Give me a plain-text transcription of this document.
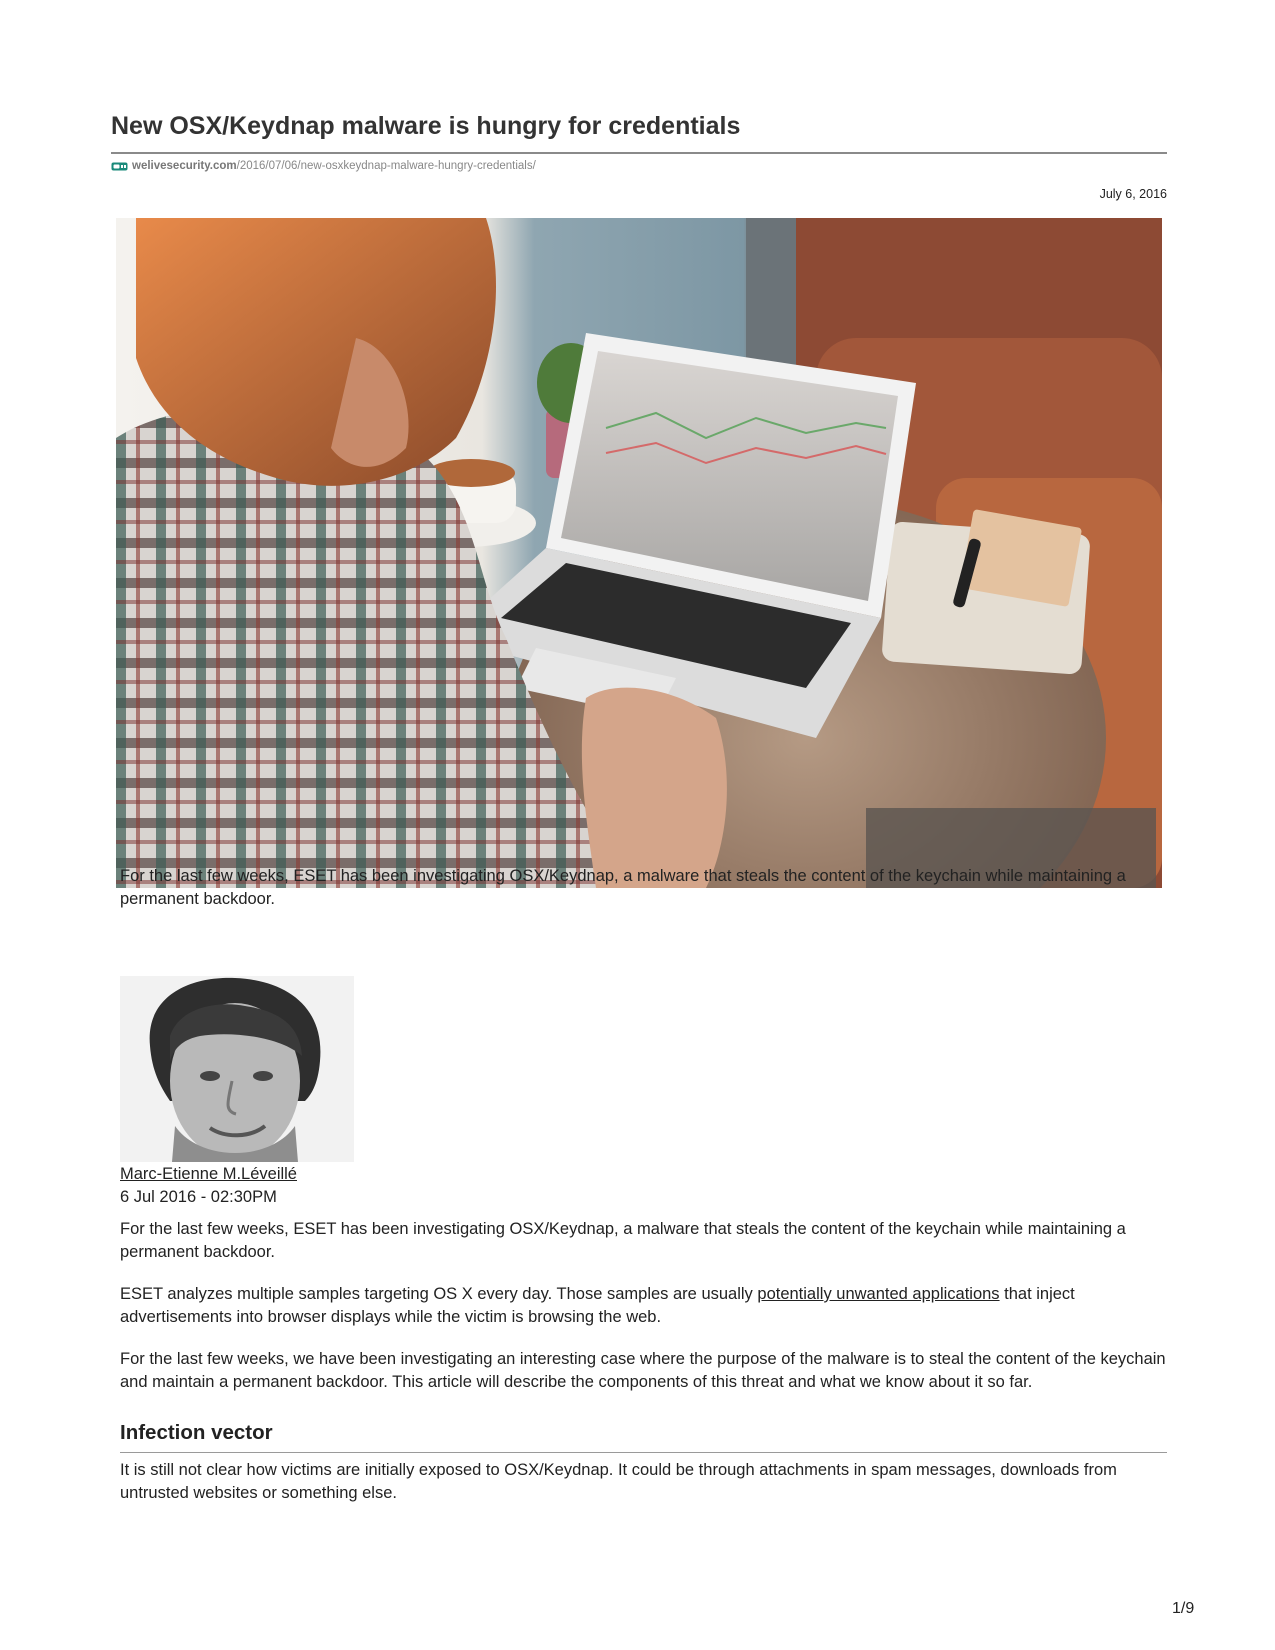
New OSX/Keydnap malware is hungry for credentials
welivesecurity.com /2016/07/06/new-osxkeydnap-malware-hungry-credentials/
July 6, 2016

For the last few weeks, ESET has been investigating OSX/Keydnap, a malware that steals the content of the keychain while maintaining a permanent backdoor.

Marc-Etienne M.Léveillé
6 Jul 2016 - 02:30PM

For the last few weeks, ESET has been investigating OSX/Keydnap, a malware that steals the content of the keychain while maintaining a permanent backdoor.

ESET analyzes multiple samples targeting OS X every day. Those samples are usually potentially unwanted applications that inject advertisements into browser displays while the victim is browsing the web.

For the last few weeks, we have been investigating an interesting case where the purpose of the malware is to steal the content of the keychain and maintain a permanent backdoor. This article will describe the components of this threat and what we know about it so far.

Infection vector

It is still not clear how victims are initially exposed to OSX/Keydnap. It could be through attachments in spam messages, downloads from untrusted websites or something else.

1/9
